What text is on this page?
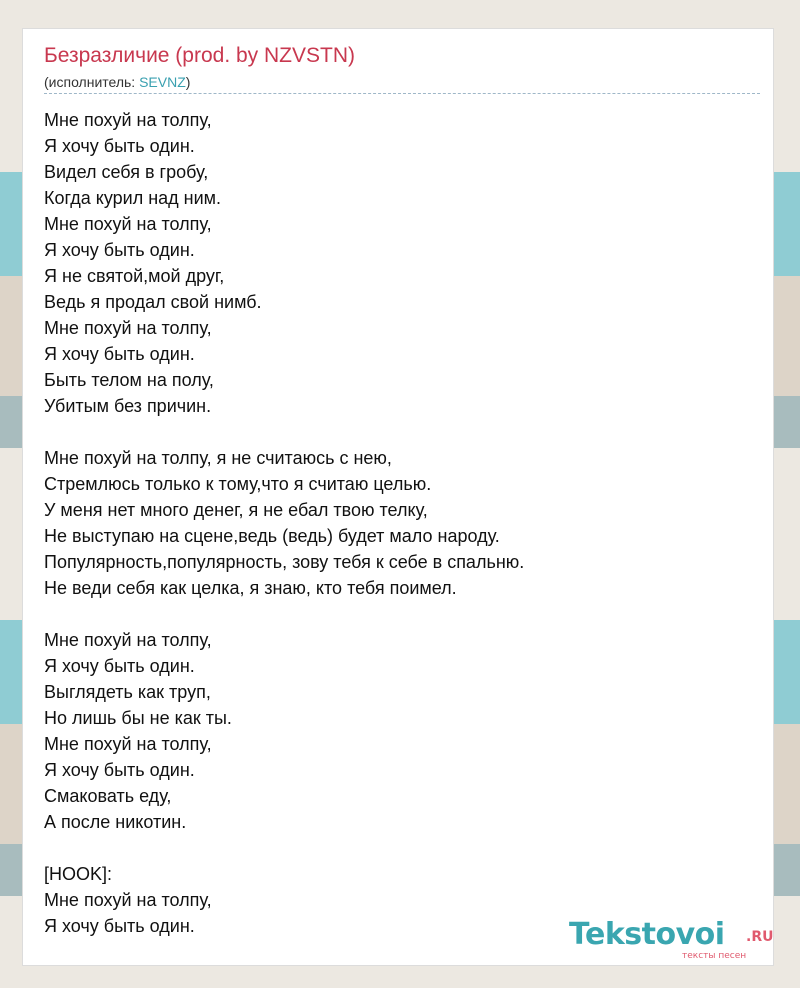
Безразличие (prod. by NZVSTN)
(исполнитель: SEVNZ)
Мне похуй на толпу,
Я хочу быть один.
Видел себя в гробу,
Когда курил над ним.
Мне похуй на толпу,
Я хочу быть один.
Я не святой,мой друг,
Ведь я продал свой нимб.
Мне похуй на толпу,
Я хочу быть один.
Быть телом на полу,
Убитым без причин.
Мне похуй на толпу, я не считаюсь с нею,
Стремлюсь только к тому,что я считаю целью.
У меня нет много денег, я не ебал твою телку,
Не выступаю на сцене,ведь (ведь) будет мало народу.
Популярность,популярность, зову тебя к себе в спальню.
Не веди себя как целка, я знаю, кто тебя поимел.
Мне похуй на толпу,
Я хочу быть один.
Выглядеть как труп,
Но лишь бы не как ты.
Мне похуй на толпу,
Я хочу быть один.
Смаковать еду,
А после никотин.
[HOOK]:
Мне похуй на толпу,
Я хочу быть один.	Tekstovoi .RU
тексты песен
